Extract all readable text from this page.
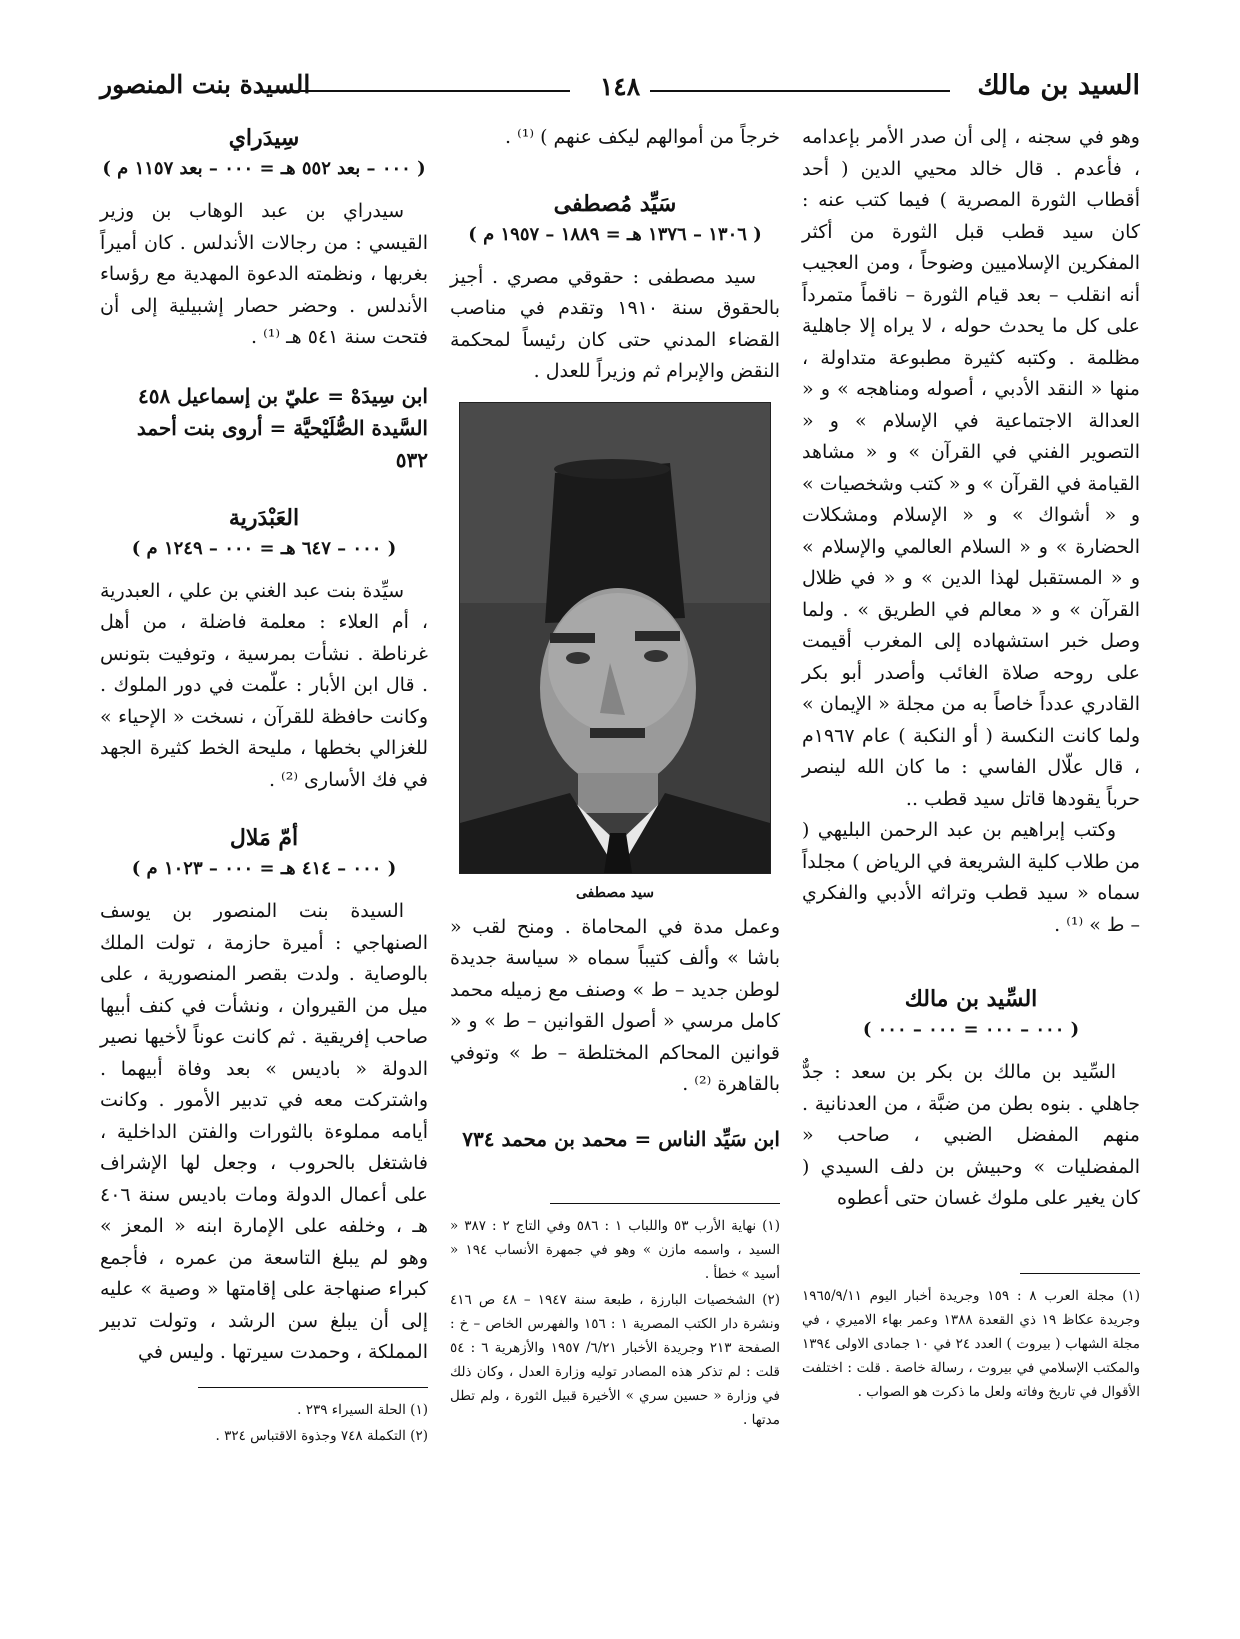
السيد بن مالك
١٤٨
السيدة بنت المنصور

وهو في سجنه ، إلى أن صدر الأمر بإعدامه ، فأعدم . قال خالد محيي الدين ( أحد أقطاب الثورة المصرية ) فيما كتب عنه : كان سيد قطب قبل الثورة من أكثر المفكرين الإسلاميين وضوحاً ، ومن العجيب أنه انقلب – بعد قيام الثورة – ناقماً متمرداً على كل ما يحدث حوله ، لا يراه إلا جاهلية مظلمة . وكتبه كثيرة مطبوعة متداولة ، منها « النقد الأدبي ، أصوله ومناهجه » و « العدالة الاجتماعية في الإسلام » و « التصوير الفني في القرآن » و « مشاهد القيامة في القرآن » و « كتب وشخصيات » و « أشواك » و « الإسلام ومشكلات الحضارة » و « السلام العالمي والإسلام » و « المستقبل لهذا الدين » و « في ظلال القرآن » و « معالم في الطريق » . ولما وصل خبر استشهاده إلى المغرب أقيمت على روحه صلاة الغائب وأصدر أبو بكر القادري عدداً خاصاً به من مجلة « الإيمان » ولما كانت النكسة ( أو النكبة ) عام ١٩٦٧م ، قال علّال الفاسي : ما كان الله لينصر حرباً يقودها قاتل سيد قطب ..

وكتب إبراهيم بن عبد الرحمن البليهي ( من طلاب كلية الشريعة في الرياض ) مجلداً سماه « سيد قطب وتراثه الأدبي والفكري – ط » ⁽¹⁾ .

السِّيد بن مالك
( ٠٠٠ – ٠٠٠ = ٠٠٠ – ٠٠٠ )

السِّيد بن مالك بن بكر بن سعد : جدٌّ جاهلي . بنوه بطن من ضبَّة ، من العدنانية . منهم المفضل الضبي ، صاحب « المفضليات » وحبيش بن دلف السيدي ( كان يغير على ملوك غسان حتى أعطوه

(١) مجلة العرب ٨ : ١٥٩ وجريدة أخبار اليوم ١٩٦٥/٩/١١ وجريدة عكاظ ١٩ ذي القعدة ١٣٨٨ وعمر بهاء الاميري ، في مجلة الشهاب ( بيروت ) العدد ٢٤ في ١٠ جمادى الاولى ١٣٩٤ والمكتب الإسلامي في بيروت ، رسالة خاصة . قلت : اختلفت الأقوال في تاريخ وفاته ولعل ما ذكرت هو الصواب .

خرجاً من أموالهم ليكف عنهم ) ⁽¹⁾ .

سَيِّد مُصطفى
( ١٣٠٦ – ١٣٧٦ هـ = ١٨٨٩ – ١٩٥٧ م )

سيد مصطفى : حقوقي مصري . أجيز بالحقوق سنة ١٩١٠ وتقدم في مناصب القضاء المدني حتى كان رئيساً لمحكمة النقض والإبرام ثم وزيراً للعدل .

سيد مصطفى

وعمل مدة في المحاماة . ومنح لقب « باشا » وألف كتيباً سماه « سياسة جديدة لوطن جديد – ط » وصنف مع زميله محمد كامل مرسي « أصول القوانين – ط » و « قوانين المحاكم المختلطة – ط » وتوفي بالقاهرة ⁽²⁾ .

ابن سَيِّد الناس = محمد بن محمد ٧٣٤

(١) نهاية الأرب ٥٣ واللباب ١ : ٥٨٦ وفي التاج ٢ : ٣٨٧ « السيد ، واسمه مازن » وهو في جمهرة الأنساب ١٩٤ « أسيد » خطأ .

(٢) الشخصيات البارزة ، طبعة سنة ١٩٤٧ – ٤٨ ص ٤١٦ ونشرة دار الكتب المصرية ١ : ١٥٦ والفهرس الخاص – خ : الصفحة ٢١٣ وجريدة الأخبار ٦/٢١/ ١٩٥٧ والأزهرية ٦ : ٥٤ قلت : لم تذكر هذه المصادر توليه وزارة العدل ، وكان ذلك في وزارة « حسين سري » الأخيرة قبيل الثورة ، ولم تطل مدتها .

سِيدَراي
( ٠٠٠ – بعد ٥٥٢ هـ = ٠٠٠ – بعد ١١٥٧ م )

سيدراي بن عبد الوهاب بن وزير القيسي : من رجالات الأندلس . كان أميراً بغربها ، ونظمته الدعوة المهدية مع رؤساء الأندلس . وحضر حصار إشبيلية إلى أن فتحت سنة ٥٤١ هـ ⁽¹⁾ .

ابن سِيدَهْ = عليّ بن إسماعيل ٤٥٨
السَّيدة الصُّلَيْحيَّة = أروى بنت أحمد ٥٣٢
العَبْدَرية
( ٠٠٠ – ٦٤٧ هـ = ٠٠٠ – ١٢٤٩ م )

سيِّدة بنت عبد الغني بن علي ، العبدرية ، أم العلاء : معلمة فاضلة ، من أهل غرناطة . نشأت بمرسية ، وتوفيت بتونس . قال ابن الأبار : علّمت في دور الملوك . وكانت حافظة للقرآن ، نسخت « الإحياء » للغزالي بخطها ، مليحة الخط كثيرة الجهد في فك الأسارى ⁽²⁾ .

أمّ مَلال
( ٠٠٠ – ٤١٤ هـ = ٠٠٠ – ١٠٢٣ م )

السيدة بنت المنصور بن يوسف الصنهاجي : أميرة حازمة ، تولت الملك بالوصاية . ولدت بقصر المنصورية ، على ميل من القيروان ، ونشأت في كنف أبيها صاحب إفريقية . ثم كانت عوناً لأخيها نصير الدولة « باديس » بعد وفاة أبيهما . واشتركت معه في تدبير الأمور . وكانت أيامه مملوءة بالثورات والفتن الداخلية ، فاشتغل بالحروب ، وجعل لها الإشراف على أعمال الدولة ومات باديس سنة ٤٠٦ هـ ، وخلفه على الإمارة ابنه « المعز » وهو لم يبلغ التاسعة من عمره ، فأجمع كبراء صنهاجة على إقامتها « وصية » عليه إلى أن يبلغ سن الرشد ، وتولت تدبير المملكة ، وحمدت سيرتها . وليس في

(١) الحلة السيراء ٢٣٩ .

(٢) التكملة ٧٤٨ وجذوة الاقتباس ٣٢٤ .
